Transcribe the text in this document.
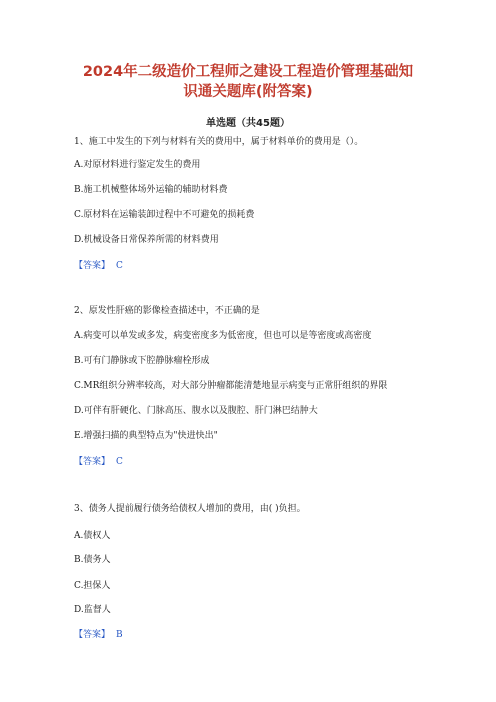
2024年二级造价工程师之建设工程造价管理基础知
识通关题库(附答案)
单选题（共45题）
1、施工中发生的下列与材料有关的费用中，属于材料单价的费用是（）。
A.对原材料进行鉴定发生的费用
B.施工机械整体场外运输的辅助材料费
C.原材料在运输装卸过程中不可避免的损耗费
D.机械设备日常保养所需的材料费用
【答案】 C
2、原发性肝癌的影像检查描述中，不正确的是
A.病变可以单发或多发，病变密度多为低密度，但也可以是等密度或高密度
B.可有门静脉或下腔静脉瘤栓形成
C.MR组织分辨率较高，对大部分肿瘤都能清楚地显示病变与正常肝组织的界限
D.可伴有肝硬化、门脉高压、腹水以及腹腔、肝门淋巴结肿大
E.增强扫描的典型特点为"快进快出"
【答案】 C
3、债务人提前履行债务给债权人增加的费用，由( )负担。
A.债权人
B.债务人
C.担保人
D.监督人
【答案】 B
